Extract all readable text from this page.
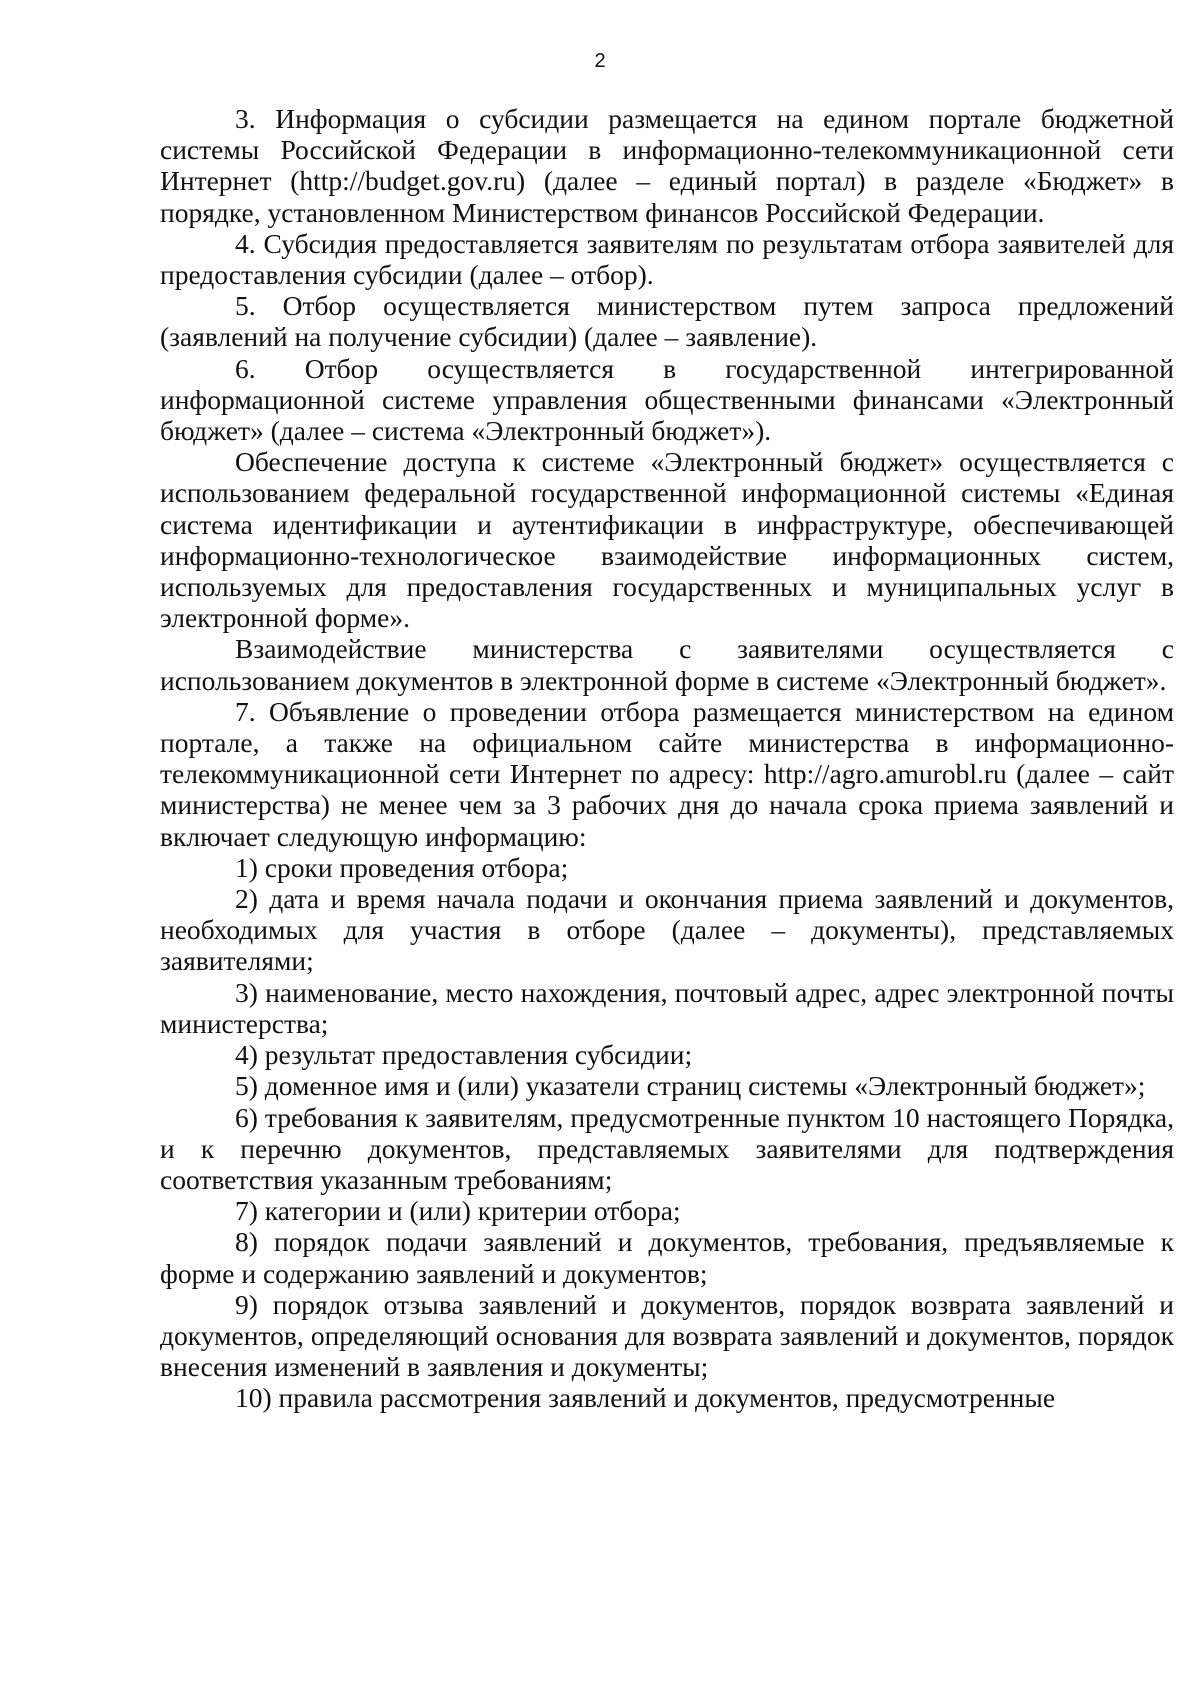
2

3. Информация о субсидии размещается на едином портале бюджетной системы Российской Федерации в информационно-телекоммуникационной сети Интернет (http://budget.gov.ru) (далее – единый портал) в разделе «Бюджет» в порядке, установленном Министерством финансов Российской Федерации.

4. Субсидия предоставляется заявителям по результатам отбора заявителей для предоставления субсидии (далее – отбор).

5. Отбор осуществляется министерством путем запроса предложений (заявлений на получение субсидии) (далее – заявление).

6. Отбор осуществляется в государственной интегрированной информационной системе управления общественными финансами «Электронный бюджет» (далее – система «Электронный бюджет»).

Обеспечение доступа к системе «Электронный бюджет» осуществляется с использованием федеральной государственной информационной системы «Единая система идентификации и аутентификации в инфраструктуре, обеспечивающей информационно-технологическое взаимодействие информационных систем, используемых для предоставления государственных и муниципальных услуг в электронной форме».

Взаимодействие министерства с заявителями осуществляется с использованием документов в электронной форме в системе «Электронный бюджет».

7. Объявление о проведении отбора размещается министерством на едином портале, а также на официальном сайте министерства в информационно-телекоммуникационной сети Интернет по адресу: http://agro.amurobl.ru (далее – сайт министерства) не менее чем за 3 рабочих дня до начала срока приема заявлений и включает следующую информацию:

1) сроки проведения отбора;

2) дата и время начала подачи и окончания приема заявлений и документов, необходимых для участия в отборе (далее – документы), представляемых заявителями;

3) наименование, место нахождения, почтовый адрес, адрес электронной почты министерства;

4) результат предоставления субсидии;

5) доменное имя и (или) указатели страниц системы «Электронный бюджет»;

6) требования к заявителям, предусмотренные пунктом 10 настоящего Порядка, и к перечню документов, представляемых заявителями для подтверждения соответствия указанным требованиям;

7) категории и (или) критерии отбора;

8) порядок подачи заявлений и документов, требования, предъявляемые к форме и содержанию заявлений и документов;

9) порядок отзыва заявлений и документов, порядок возврата заявлений и документов, определяющий основания для возврата заявлений и документов, порядок внесения изменений в заявления и документы;

10) правила рассмотрения заявлений и документов, предусмотренные
